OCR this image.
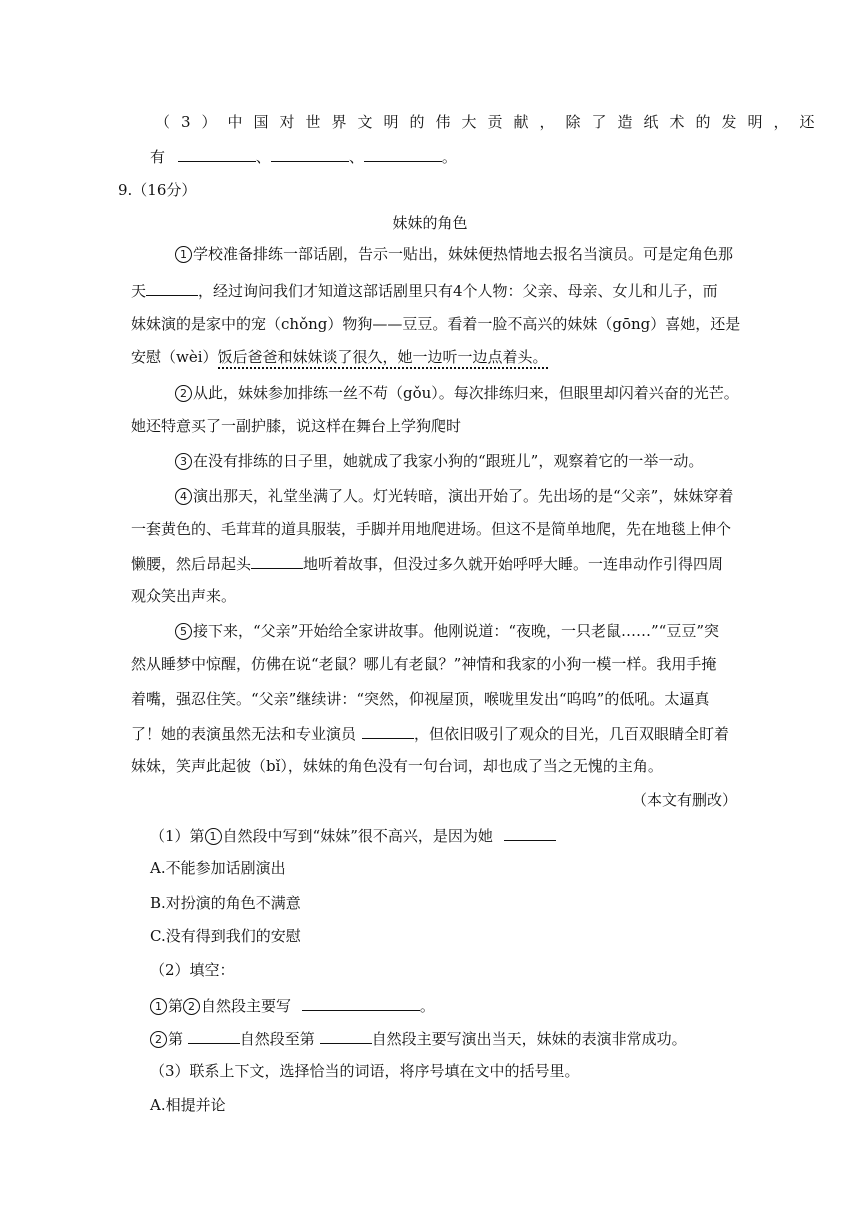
（3）中国对世界文明的伟大贡献，除了造纸术的发明，还
有	、	、	。
9.（16分）
妹妹的角色
1 学校准备排练一部话剧，告示一贴出，妹妹便热情地去报名当演员。可是定角色那
天	，经过询问我们才知道这部话剧里只有4个人物：父亲、母亲、女儿和儿子，而
妹妹演的是家中的宠（chǒng）物狗——豆豆。看着一脸不高兴的妹妹（gōng）喜她，还是
安慰（wèi）饭后爸爸和妹妹谈了很久，她一边听一边点着头。
2 从此，妹妹参加排练一丝不苟（gǒu）。每次排练归来，但眼里却闪着兴奋的光芒。
她还特意买了一副护膝，说这样在舞台上学狗爬时
3 在没有排练的日子里，她就成了我家小狗的“跟班儿”，观察着它的一举一动。
4 演出那天，礼堂坐满了人。灯光转暗，演出开始了。先出场的是“父亲”，妹妹穿着
一套黄色的、毛茸茸的道具服装，手脚并用地爬进场。但这不是简单地爬，先在地毯上伸个
懒腰，然后昂起头	地听着故事，但没过多久就开始呼呼大睡。一连串动作引得四周
观众笑出声来。
5 接下来，“父亲”开始给全家讲故事。他刚说道：“夜晚，一只老鼠……”“豆豆”突
然从睡梦中惊醒，仿佛在说“老鼠？哪儿有老鼠？”神情和我家的小狗一模一样。我用手掩
着嘴，强忍住笑。“父亲”继续讲：“突然，仰视屋顶，喉咙里发出“呜呜”的低吼。太逼真
了！她的表演虽然无法和专业演员	，但依旧吸引了观众的目光，几百双眼睛全盯着
妹妹，笑声此起彼（bǐ），妹妹的角色没有一句台词，却也成了当之无愧的主角。
（本文有删改）
（1）第 1 自然段中写到“妹妹”很不高兴，是因为她
A.不能参加话剧演出
B.对扮演的角色不满意
C.没有得到我们的安慰
（2）填空：
1 第 2 自然段主要写	。
2 第	自然段至第	自然段主要写演出当天，妹妹的表演非常成功。
（3）联系上下文，选择恰当的词语，将序号填在文中的括号里。
A.相提并论
